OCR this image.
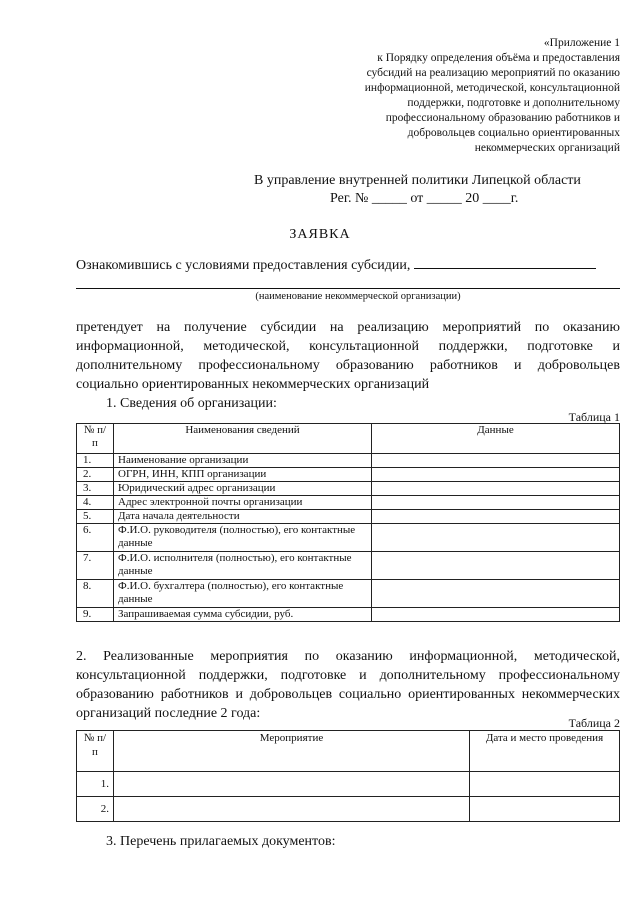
«Приложение 1
к Порядку определения объёма и предоставления
субсидий на реализацию мероприятий по оказанию
информационной, методической, консультационной
поддержки, подготовке и дополнительному
профессиональному образованию работников и
добровольцев социально ориентированных
некоммерческих организаций
В управление внутренней политики Липецкой области
Рег. № _____ от _____ 20 ____г.
ЗАЯВКА
Ознакомившись с условиями предоставления субсидии,
(наименование некоммерческой организации)
претендует на получение субсидии на реализацию мероприятий по оказанию информационной, методической, консультационной поддержки, подготовке и дополнительному профессиональному образованию работников и добровольцев социально ориентированных некоммерческих организаций
1. Сведения об организации:
Таблица 1
№ п/п	Наименования сведений	Данные
1.	Наименование организации	
2.	ОГРН, ИНН, КПП организации	
3.	Юридический адрес организации	
4.	Адрес электронной почты организации	
5.	Дата начала деятельности	
6.	Ф.И.О. руководителя (полностью), его контактные данные	
7.	Ф.И.О. исполнителя (полностью), его контактные данные	
8.	Ф.И.О. бухгалтера (полностью), его контактные данные	
9.	Запрашиваемая сумма субсидии, руб.	
2. Реализованные мероприятия по оказанию информационной, методической, консультационной поддержки, подготовке и дополнительному профессиональному образованию работников и добровольцев социально ориентированных некоммерческих организаций последние 2 года:
Таблица 2
№ п/п	Мероприятие	Дата и место проведения
1.		
2.		
3. Перечень прилагаемых документов:
